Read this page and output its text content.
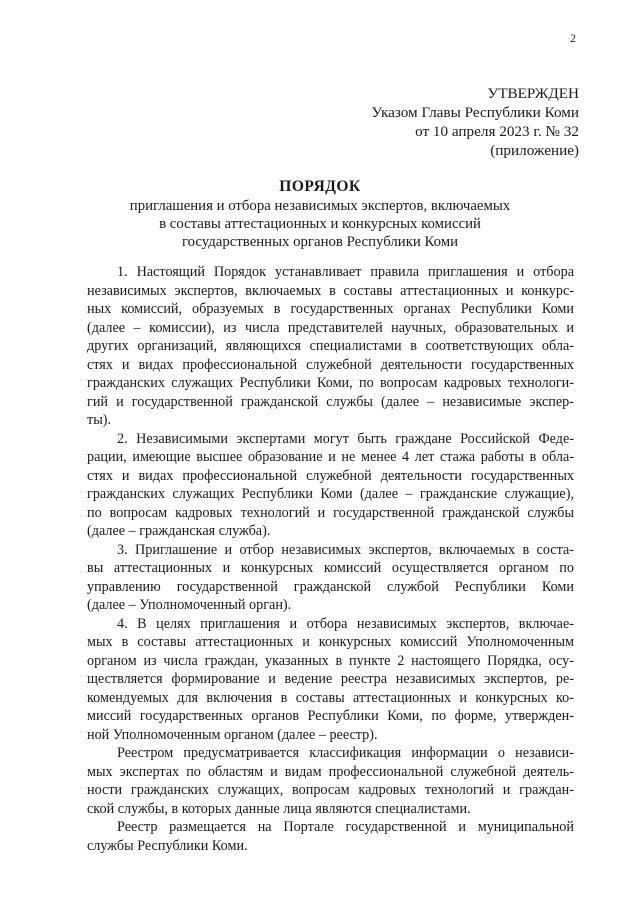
2
УТВЕРЖДЕН
Указом Главы Республики Коми
от 10 апреля 2023 г. № 32
(приложение)
ПОРЯДОК
приглашения и отбора независимых экспертов, включаемых
в составы аттестационных и конкурсных комиссий
государственных органов Республики Коми
1. Настоящий Порядок устанавливает правила приглашения и отбора
независимых экспертов, включаемых в составы аттестационных и конкурс-
ных комиссий, образуемых в государственных органах Республики Коми
(далее – комиссии), из числа представителей научных, образовательных и
других организаций, являющихся специалистами в соответствующих обла-
стях и видах профессиональной служебной деятельности государственных
гражданских служащих Республики Коми, по вопросам кадровых технологи-
гий и государственной гражданской службы (далее – независимые экспер-
ты).
2. Независимыми экспертами могут быть граждане Российской Феде-
рации, имеющие высшее образование и не менее 4 лет стажа работы в обла-
стях и видах профессиональной служебной деятельности государственных
гражданских служащих Республики Коми (далее – гражданские служащие),
по вопросам кадровых технологий и государственной гражданской службы
(далее – гражданская служба).
3. Приглашение и отбор независимых экспертов, включаемых в соста-
вы аттестационных и конкурсных комиссий осуществляется органом по
управлению государственной гражданской службой Республики Коми
(далее – Уполномоченный орган).
4. В целях приглашения и отбора независимых экспертов, включае-
мых в составы аттестационных и конкурсных комиссий Уполномоченным
органом из числа граждан, указанных в пункте 2 настоящего Порядка, осу-
ществляется формирование и ведение реестра независимых экспертов, ре-
комендуемых для включения в составы аттестационных и конкурсных ко-
миссий государственных органов Республики Коми, по форме, утвержден-
ной Уполномоченным органом (далее – реестр).
Реестром предусматривается классификация информации о независи-
мых экспертах по областям и видам профессиональной служебной деятель-
ности гражданских служащих, вопросам кадровых технологий и граждан-
ской службы, в которых данные лица являются специалистами.
Реестр размещается на Портале государственной и муниципальной
службы Республики Коми.
